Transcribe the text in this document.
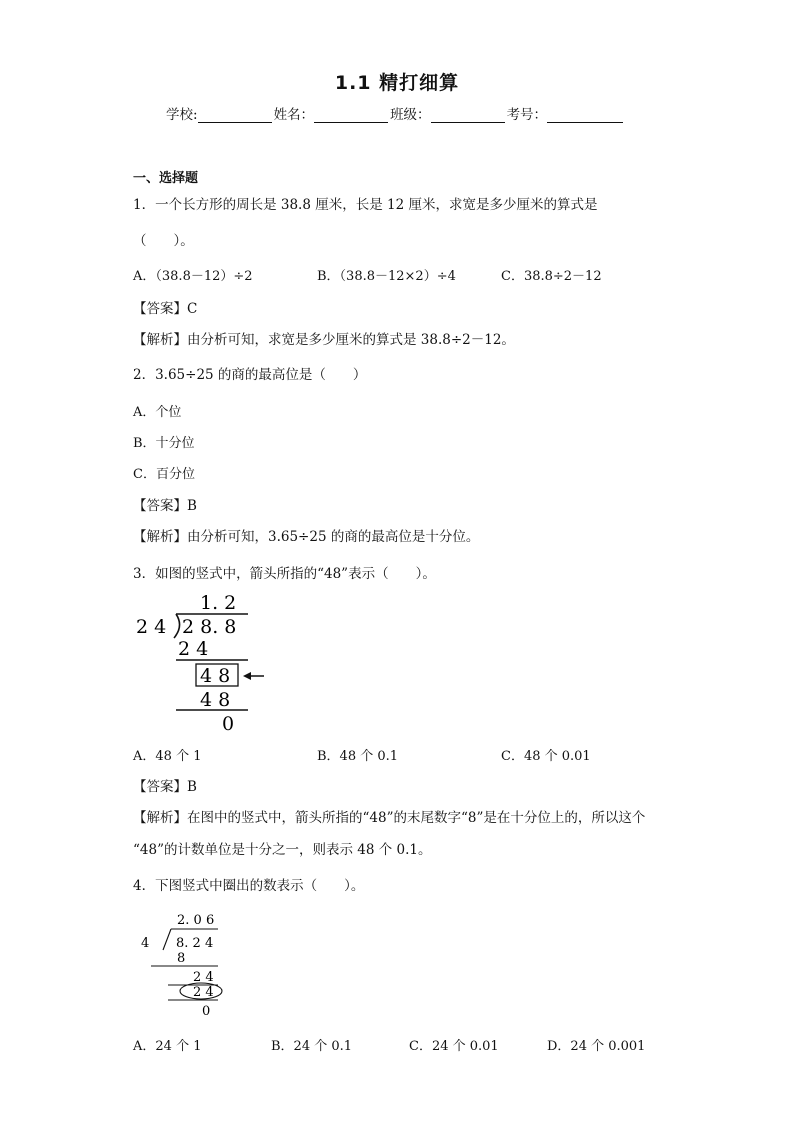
1.1 精打细算
学校:	姓名：	班级：	考号：
一、选择题
1．一个长方形的周长是 38.8 厘米，长是 12 厘米，求宽是多少厘米的算式是
（　　）。
A．（38.8－12）÷2	B．（38.8－12×2）÷4	C．38.8÷2－12
【答案】C
【解析】由分析可知，求宽是多少厘米的算式是 38.8÷2－12。
2．3.65÷25 的商的最高位是（　　）
A．个位
B．十分位
C．百分位
【答案】B
【解析】由分析可知，3.65÷25 的商的最高位是十分位。
3．如图的竖式中，箭头所指的“48”表示（　　）。
1. 2
2 4 2 8. 8
2 4
4 8
4 8
0
A．48 个 1	B．48 个 0.1	C．48 个 0.01
【答案】B
【解析】在图中的竖式中，箭头所指的“48”的末尾数字“8”是在十分位上的，所以这个
“48”的计数单位是十分之一，则表示 48 个 0.1。
4．下图竖式中圈出的数表示（　　）。
2. 0 6
4 8. 2 4
8
2 4
2 4
0
A．24 个 1	B．24 个 0.1	C．24 个 0.01	D．24 个 0.001
